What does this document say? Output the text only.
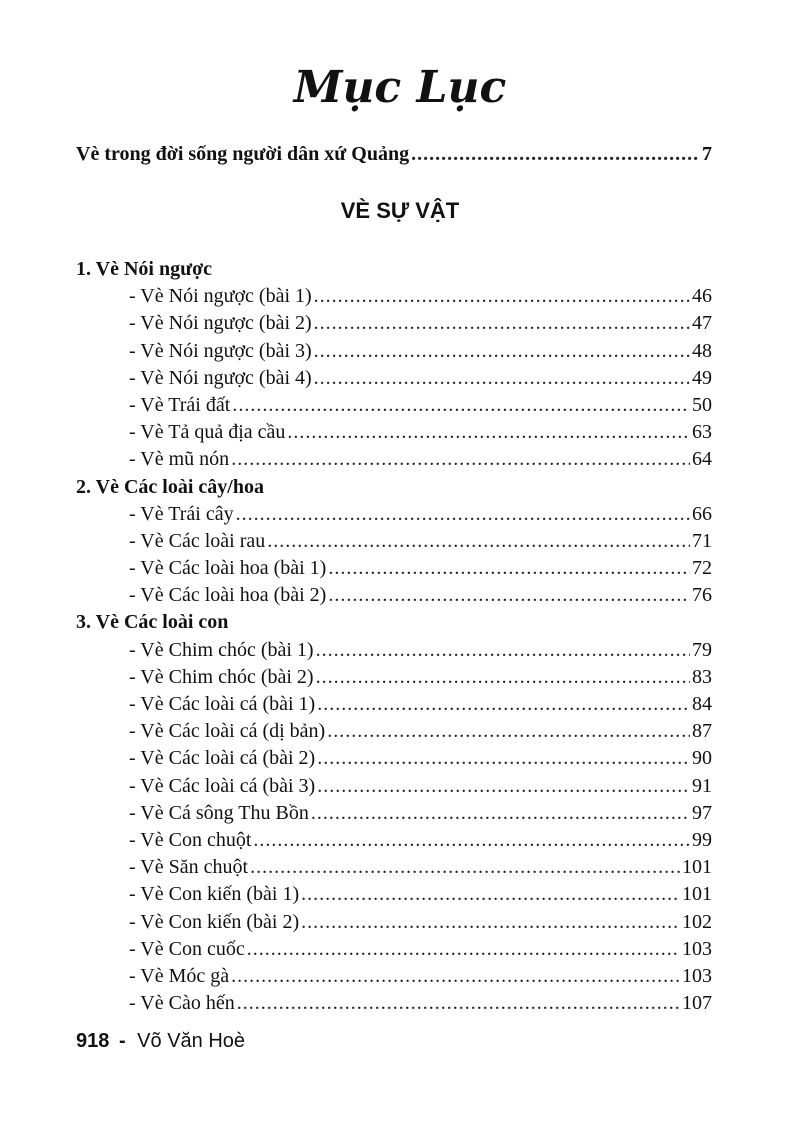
Mục Lục
Vè trong đời sống người dân xứ Quảng .....	7
VÈ SỰ VẬT
1. Vè Nói ngược
- Vè Nói ngược (bài 1) .....	46
- Vè Nói ngược (bài 2) .....	47
- Vè Nói ngược (bài 3) .....	48
- Vè Nói ngược (bài 4) .....	49
- Vè Trái đất .....	50
- Vè Tả quả địa cầu .....	63
- Vè mũ nón .....	64
2. Vè Các loài cây/hoa
- Vè Trái cây .....	66
- Vè Các loài rau .....	71
- Vè Các loài hoa (bài 1) .....	72
- Vè Các loài hoa (bài 2) .....	76
3. Vè Các loài con
- Vè Chim chóc (bài 1) .....	79
- Vè Chim chóc (bài 2) .....	83
- Vè Các loài cá (bài 1) .....	84
- Vè Các loài cá (dị bản) .....	87
- Vè Các loài cá (bài 2) .....	90
- Vè Các loài cá (bài 3) .....	91
- Vè Cá sông Thu Bồn .....	97
- Vè Con chuột .....	99
- Vè Săn chuột .....	101
- Vè Con kiến (bài 1) .....	101
- Vè Con kiến (bài 2) .....	102
- Vè Con cuốc .....	103
- Vè Móc gà .....	103
- Vè Cào hến .....	107
918 - Võ Văn Hoè
